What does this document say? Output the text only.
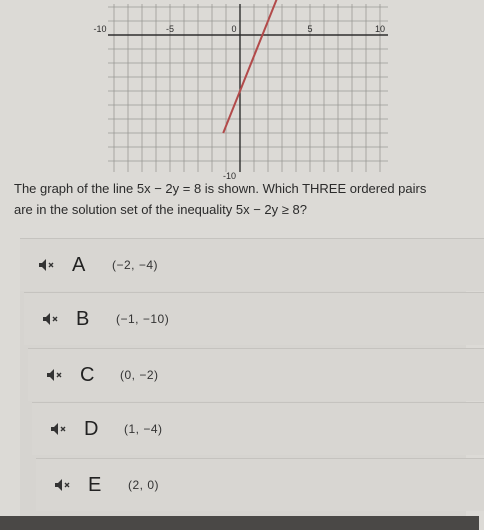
-10	-5	0	5	10
-10
The graph of the line 5x − 2y = 8 is shown. Which THREE ordered pairs
are in the solution set of the inequality 5x − 2y ≥ 8?
A	(−2, −4)
B	(−1, −10)
C	(0, −2)
D	(1, −4)
E	(2, 0)
